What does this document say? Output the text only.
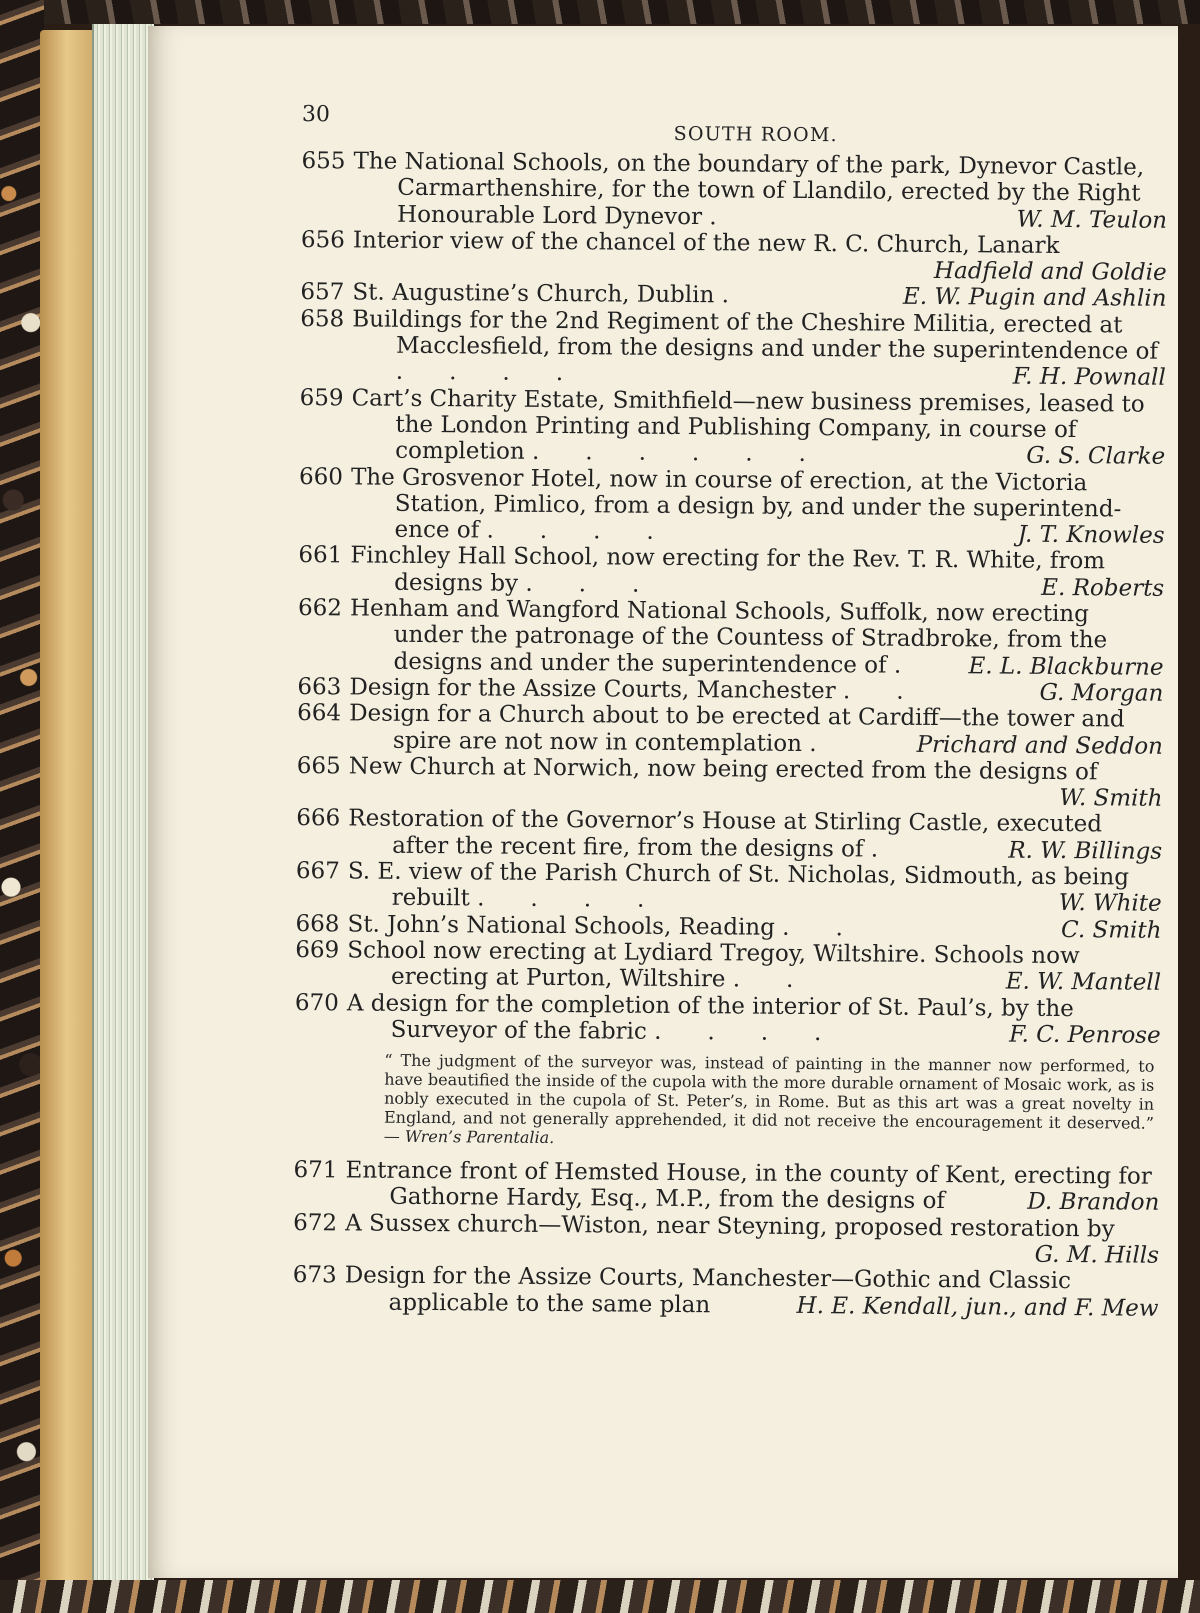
30
SOUTH ROOM.
655 The National Schools, on the boundary of the park, Dynevor Castle, Carmarthenshire, for the town of Llandilo, erected by the Right Honourable Lord Dynevor .	W. M. Teulon
656 Interior view of the chancel of the new R. C. Church, Lanark
Hadfield and Goldie
657 St. Augustine’s Church, Dublin .	E. W. Pugin and Ashlin
658 Buildings for the 2nd Regiment of the Cheshire Militia, erected at Macclesfield, from the designs and under the superintendence of .  .  .  .	F. H. Pownall
659 Cart’s Charity Estate, Smithfield—new business premises, leased to the London Printing and Publishing Company, in course of completion .  .  .  .  .  .	G. S. Clarke
660 The Grosvenor Hotel, now in course of erection, at the Victoria Station, Pimlico, from a design by, and under the superintendence of .  .  .  .	J. T. Knowles
661 Finchley Hall School, now erecting for the Rev. T. R. White, from designs by .  .  .	E. Roberts
662 Henham and Wangford National Schools, Suffolk, now erecting under the patronage of the Countess of Stradbroke, from the designs and under the superintendence of .	E. L. Blackburne
663 Design for the Assize Courts, Manchester .  .	G. Morgan
664 Design for a Church about to be erected at Cardiff—the tower and spire are not now in contemplation .	Prichard and Seddon
665 New Church at Norwich, now being erected from the designs of
W. Smith
666 Restoration of the Governor’s House at Stirling Castle, executed after the recent fire, from the designs of .	R. W. Billings
667 S. E. view of the Parish Church of St. Nicholas, Sidmouth, as being rebuilt .  .  .  .	W. White
668 St. John’s National Schools, Reading .  .	C. Smith
669 School now erecting at Lydiard Tregoy, Wiltshire. Schools now erecting at Purton, Wiltshire .  .	E. W. Mantell
670 A design for the completion of the interior of St. Paul’s, by the Surveyor of the fabric .  .  .  .	F. C. Penrose
“ The judgment of the surveyor was, instead of painting in the manner now performed, to have beautified the inside of the cupola with the more durable ornament of Mosaic work, as is nobly executed in the cupola of St. Peter’s, in Rome. But as this art was a great novelty in England, and not generally apprehended, it did not receive the encouragement it deserved.” — Wren’s Parentalia.
671 Entrance front of Hemsted House, in the county of Kent, erecting for Gathorne Hardy, Esq., M.P., from the designs of	D. Brandon
672 A Sussex church—Wiston, near Steyning, proposed restoration by
G. M. Hills
673 Design for the Assize Courts, Manchester—Gothic and Classic applicable to the same plan	H. E. Kendall, jun., and F. Mew
